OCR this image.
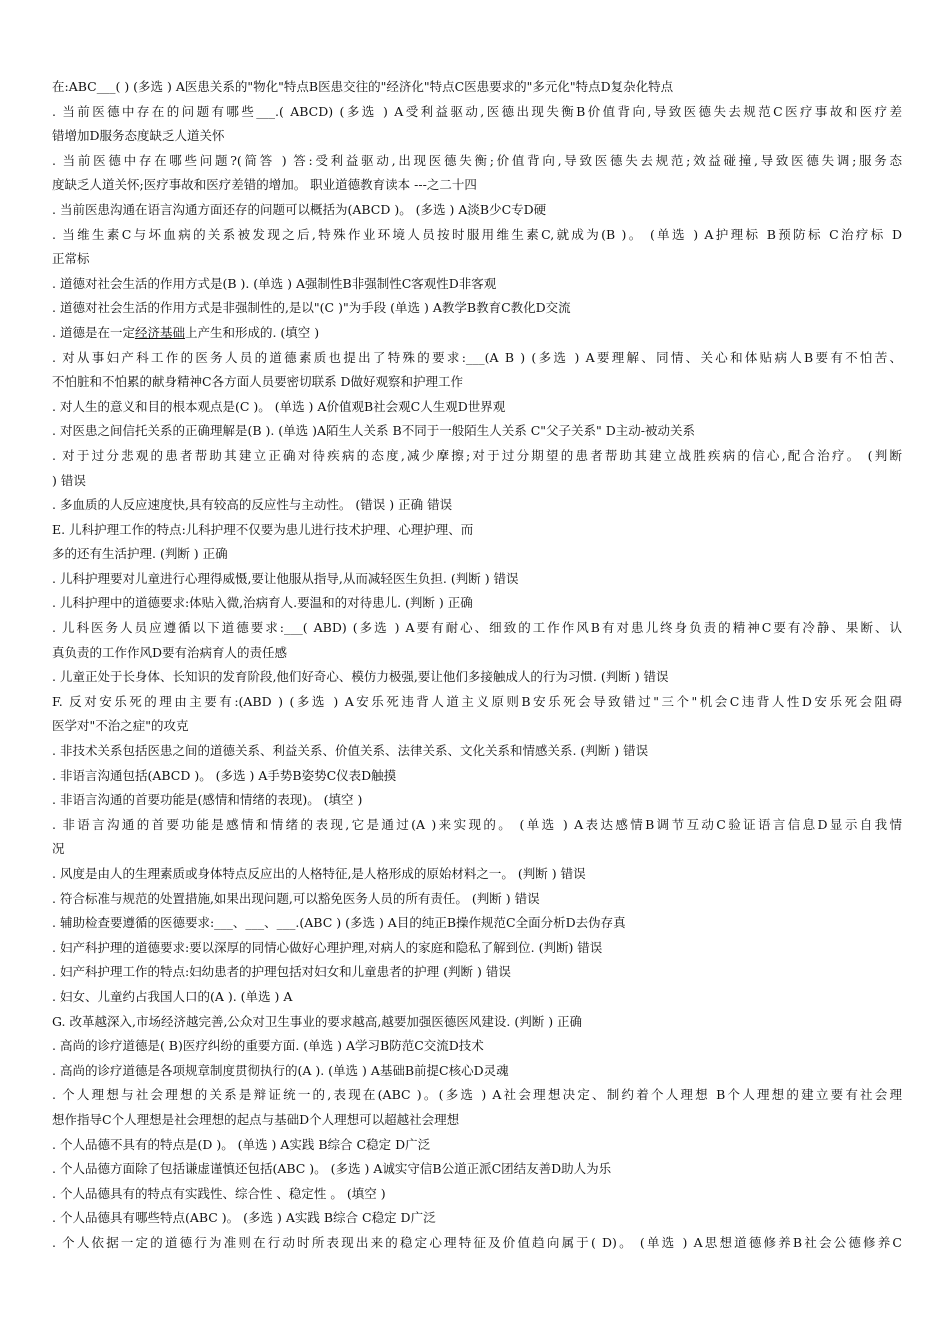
在:ABC___( ) (多选 ) A医患关系的"物化"特点B医患交往的"经济化"特点C医患要求的"多元化"特点D复杂化特点
. 当前医德中存在的问题有哪些___.( ABCD) (多选 ) A受利益驱动,医德出现失衡B价值背向,导致医德失去规范C医疗事故和医疗差
错增加D服务态度缺乏人道关怀
. 当前医德中存在哪些问题?(简答 ) 答:受利益驱动,出现医德失衡;价值背向,导致医德失去规范;效益碰撞,导致医德失调;服务态
度缺乏人道关怀;医疗事故和医疗差错的增加。 职业道德教育读本 ---之二十四
. 当前医患沟通在语言沟通方面还存的问题可以概括为(ABCD )。 (多选 ) A淡B少C专D硬
. 当维生素C与坏血病的关系被发现之后,特殊作业环境人员按时服用维生素C,就成为(B )。 (单选 ) A护理标 B预防标 C治疗标 D
正常标
. 道德对社会生活的作用方式是(B ). (单选 ) A强制性B非强制性C客观性D非客观
. 道德对社会生活的作用方式是非强制性的,是以"(C )"为手段 (单选 ) A教学B教育C教化D交流
. 道德是在一定经济基础上产生和形成的. (填空 )
. 对从事妇产科工作的医务人员的道德素质也提出了特殊的要求:___(A B ) (多选 ) A要理解、同情、关心和体贴病人B要有不怕苦、
不怕脏和不怕累的献身精神C各方面人员要密切联系 D做好观察和护理工作
. 对人生的意义和目的根本观点是(C )。 (单选 ) A价值观B社会观C人生观D世界观
. 对医患之间信托关系的正确理解是(B ). (单选 )A陌生人关系 B不同于一般陌生人关系 C"父子关系" D主动-被动关系
. 对于过分悲观的患者帮助其建立正确对待疾病的态度,减少摩擦;对于过分期望的患者帮助其建立战胜疾病的信心,配合治疗。 (判断
) 错误
. 多血质的人反应速度快,具有较高的反应性与主动性。 (错误 ) 正确 错误
E. 儿科护理工作的特点:儿科护理不仅要为患儿进行技术护理、心理护理、而
多的还有生活护理. (判断 ) 正确
. 儿科护理要对儿童进行心理得威慑,要让他服从指导,从而减轻医生负担. (判断 ) 错误
. 儿科护理中的道德要求:体贴入微,治病育人.要温和的对待患儿. (判断 ) 正确
. 儿科医务人员应遵循以下道德要求:___( ABD) (多选 ) A要有耐心、细致的工作作风B有对患儿终身负责的精神C要有冷静、果断、认
真负责的工作作风D要有治病育人的责任感
. 儿童正处于长身体、长知识的发育阶段,他们好奇心、模仿力极强,要让他们多接触成人的行为习惯. (判断 ) 错误
F. 反对安乐死的理由主要有:(ABD ) (多选 ) A安乐死违背人道主义原则B安乐死会导致错过"三个"机会C违背人性D安乐死会阻碍
医学对"不治之症"的攻克
. 非技术关系包括医患之间的道德关系、利益关系、价值关系、法律关系、文化关系和情感关系. (判断 ) 错误
. 非语言沟通包括(ABCD )。 (多选 ) A手势B姿势C仪表D触摸
. 非语言沟通的首要功能是(感情和情绪的表现)。 (填空 )
. 非语言沟通的首要功能是感情和情绪的表现,它是通过(A )来实现的。 (单选 ) A表达感情B调节互动C验证语言信息D显示自我情
况
. 风度是由人的生理素质或身体特点反应出的人格特征,是人格形成的原始材料之一。 (判断 ) 错误
. 符合标准与规范的处置措施,如果出现问题,可以豁免医务人员的所有责任。 (判断 ) 错误
. 辅助检查要遵循的医德要求:___、___、___.(ABC ) (多选 ) A目的纯正B操作规范C全面分析D去伪存真
. 妇产科护理的道德要求:要以深厚的同情心做好心理护理,对病人的家庭和隐私了解到位. (判断) 错误
. 妇产科护理工作的特点:妇幼患者的护理包括对妇女和儿童患者的护理 (判断 ) 错误
. 妇女、儿童约占我国人口的(A ). (单选 ) A
G. 改革越深入,市场经济越完善,公众对卫生事业的要求越高,越要加强医德医风建设. (判断 ) 正确
. 高尚的诊疗道德是( B)医疗纠纷的重要方面. (单选 ) A学习B防范C交流D技术
. 高尚的诊疗道德是各项规章制度贯彻执行的(A ). (单选 ) A基础B前提C核心D灵魂
. 个人理想与社会理想的关系是辩证统一的,表现在(ABC )。(多选 ) A社会理想决定、制约着个人理想 B个人理想的建立要有社会理
想作指导C个人理想是社会理想的起点与基础D个人理想可以超越社会理想
. 个人品德不具有的特点是(D )。 (单选 ) A实践 B综合 C稳定 D广泛
. 个人品德方面除了包括谦虚谨慎还包括(ABC )。 (多选 ) A诚实守信B公道正派C团结友善D助人为乐
. 个人品德具有的特点有实践性、综合性 、稳定性 。 (填空 )
. 个人品德具有哪些特点(ABC )。 (多选 ) A实践 B综合 C稳定 D广泛
. 个人依据一定的道德行为准则在行动时所表现出来的稳定心理特征及价值趋向属于( D)。 (单选 ) A思想道德修养B社会公德修养C
